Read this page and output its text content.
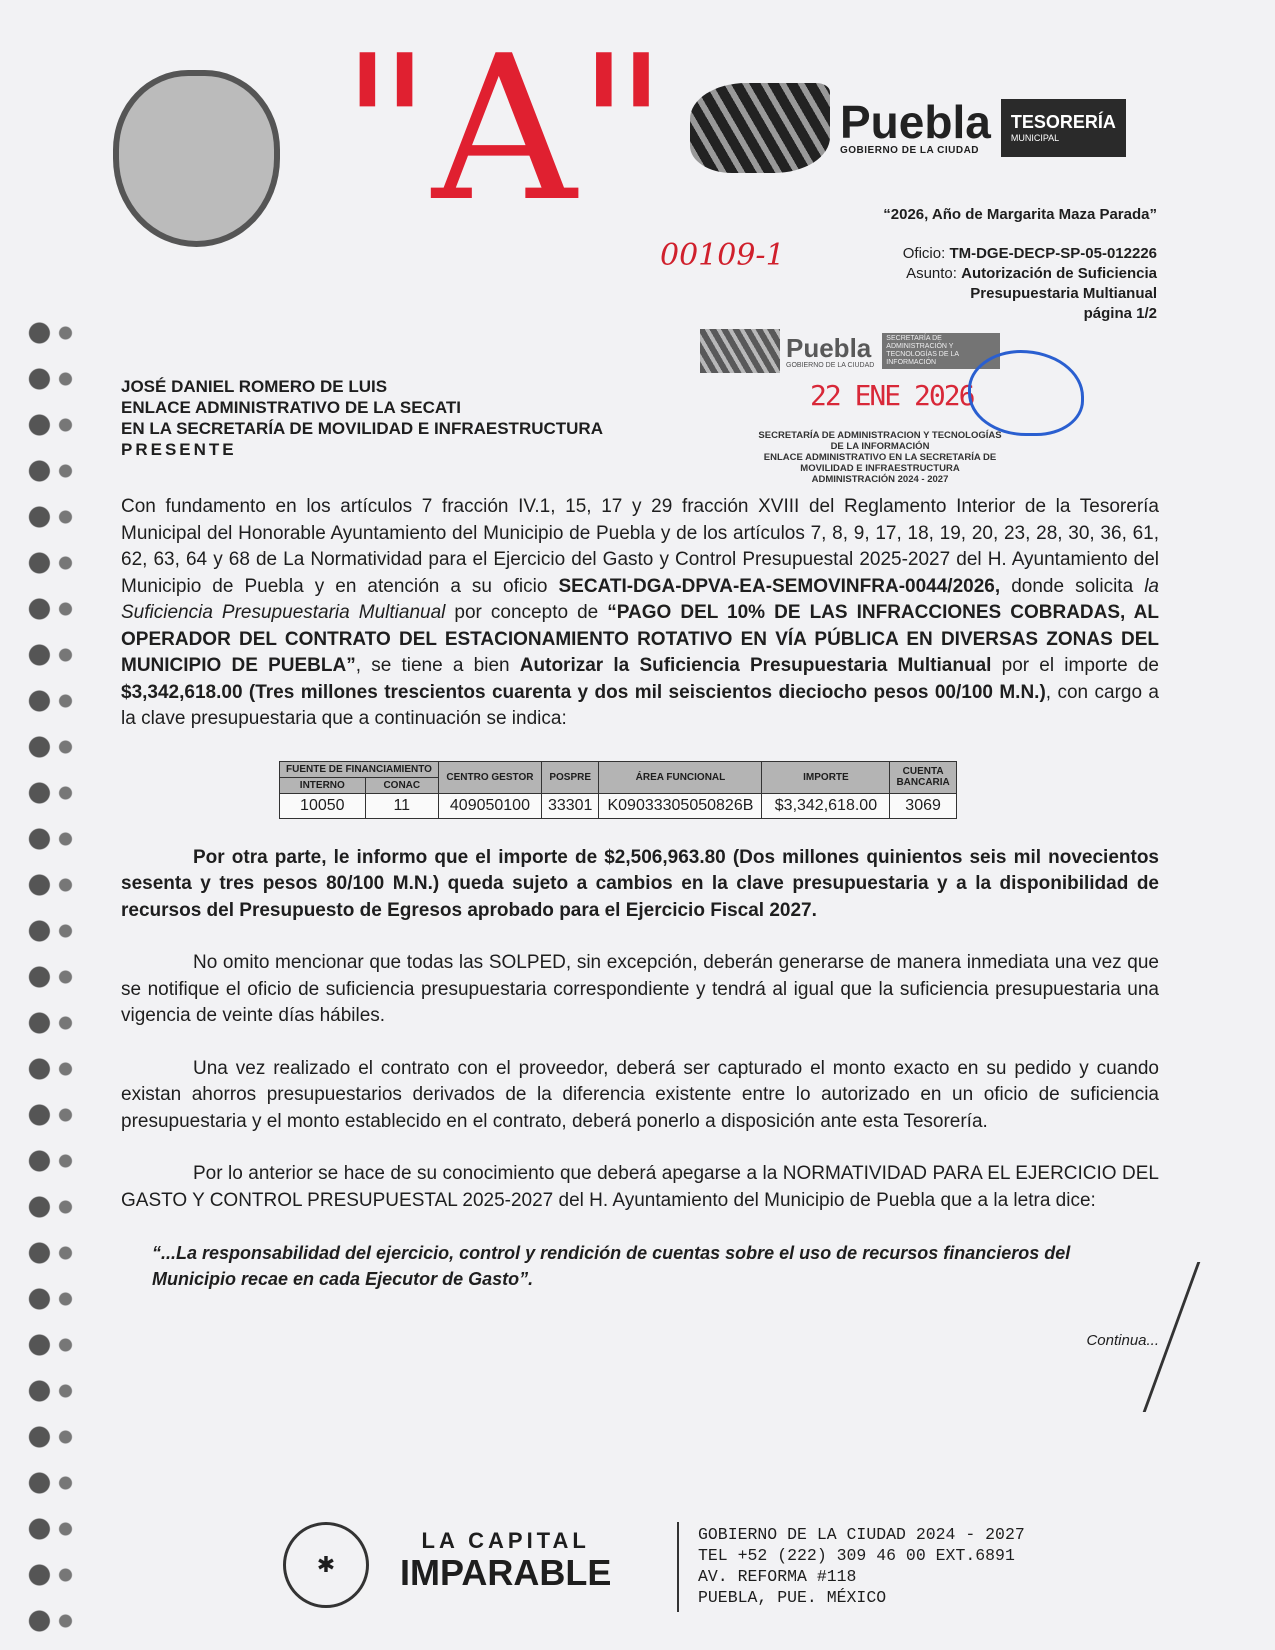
"A"	Puebla
GOBIERNO DE LA CIUDAD
TESORERÍA
MUNICIPAL
“2026, Año de Margarita Maza Parada”
Oficio: TM-DGE-DECP-SP-05-012226
Asunto: Autorización de Suficiencia
Presupuestaria Multianual
página 1/2
00109-1
Puebla
GOBIERNO DE LA CIUDAD
SECRETARÍA DE ADMINISTRACIÓN Y TECNOLOGÍAS DE LA INFORMACIÓN
22 ENE 2026
SECRETARÍA DE ADMINISTRACION Y TECNOLOGÍAS
DE LA INFORMACIÓN
ENLACE ADMINISTRATIVO EN LA SECRETARÍA DE
MOVILIDAD E INFRAESTRUCTURA
ADMINISTRACIÓN 2024 - 2027
JOSÉ DANIEL ROMERO DE LUIS
ENLACE ADMINISTRATIVO DE LA SECATI
EN LA SECRETARÍA DE MOVILIDAD E INFRAESTRUCTURA
PRESENTE
Con fundamento en los artículos 7 fracción IV.1, 15, 17 y 29 fracción XVIII del Reglamento Interior de la Tesorería Municipal del Honorable Ayuntamiento del Municipio de Puebla y de los artículos 7, 8, 9, 17, 18, 19, 20, 23, 28, 30, 36, 61, 62, 63, 64 y 68 de La Normatividad para el Ejercicio del Gasto y Control Presupuestal 2025-2027 del H. Ayuntamiento del Municipio de Puebla y en atención a su oficio SECATI-DGA-DPVA-EA-SEMOVINFRA-0044/2026, donde solicita la Suficiencia Presupuestaria Multianual por concepto de “PAGO DEL 10% DE LAS INFRACCIONES COBRADAS, AL OPERADOR DEL CONTRATO DEL ESTACIONAMIENTO ROTATIVO EN VÍA PÚBLICA EN DIVERSAS ZONAS DEL MUNICIPIO DE PUEBLA”, se tiene a bien Autorizar la Suficiencia Presupuestaria Multianual por el importe de $3,342,618.00 (Tres millones trescientos cuarenta y dos mil seiscientos dieciocho pesos 00/100 M.N.), con cargo a la clave presupuestaria que a continuación se indica:
FUENTE DE FINANCIAMIENTO		CENTRO GESTOR	POSPRE	ÁREA FUNCIONAL	IMPORTE	CUENTA BANCARIA
INTERNO	CONAC					
10050	11	409050100	33301	K09033305050826B	$3,342,618.00	3069
Por otra parte, le informo que el importe de $2,506,963.80 (Dos millones quinientos seis mil novecientos sesenta y tres pesos 80/100 M.N.) queda sujeto a cambios en la clave presupuestaria y a la disponibilidad de recursos del Presupuesto de Egresos aprobado para el Ejercicio Fiscal 2027.
No omito mencionar que todas las SOLPED, sin excepción, deberán generarse de manera inmediata una vez que se notifique el oficio de suficiencia presupuestaria correspondiente y tendrá al igual que la suficiencia presupuestaria una vigencia de veinte días hábiles.
Una vez realizado el contrato con el proveedor, deberá ser capturado el monto exacto en su pedido y cuando existan ahorros presupuestarios derivados de la diferencia existente entre lo autorizado en un oficio de suficiencia presupuestaria y el monto establecido en el contrato, deberá ponerlo a disposición ante esta Tesorería.
Por lo anterior se hace de su conocimiento que deberá apegarse a la NORMATIVIDAD PARA EL EJERCICIO DEL GASTO Y CONTROL PRESUPUESTAL 2025-2027 del H. Ayuntamiento del Municipio de Puebla que a la letra dice:
“...La responsabilidad del ejercicio, control y rendición de cuentas sobre el uso de recursos financieros del Municipio recae en cada Ejecutor de Gasto”.
Continua...
✱
LA CAPITAL
IMPARABLE
GOBIERNO DE LA CIUDAD 2024 - 2027
TEL +52 (222) 309 46 00 EXT.6891
AV. REFORMA #118
PUEBLA, PUE. MÉXICO
